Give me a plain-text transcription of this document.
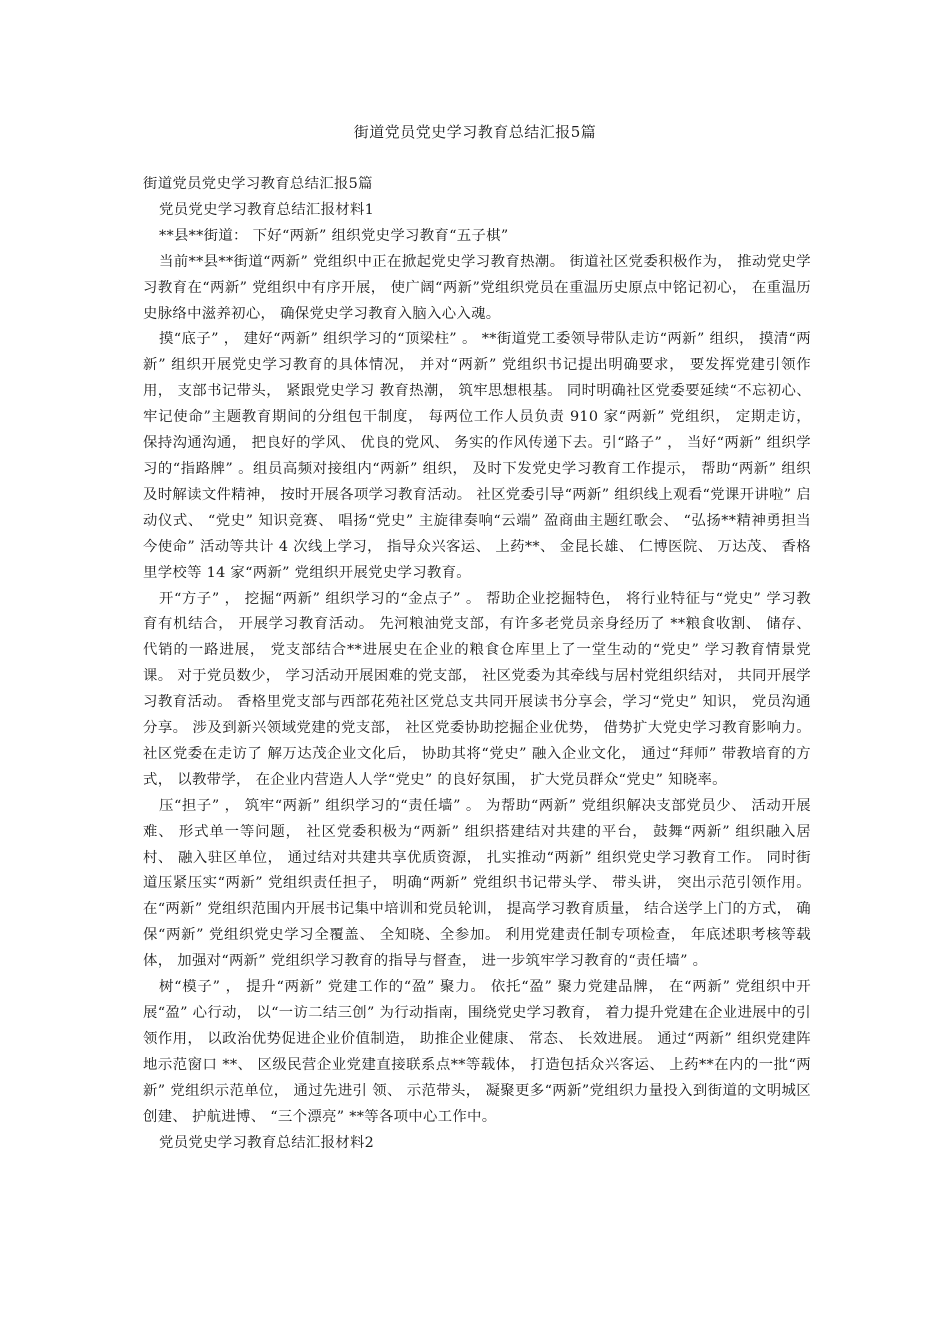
街道党员党史学习教育总结汇报5篇

街道党员党史学习教育总结汇报5篇

党员党史学习教育总结汇报材料1

**县**街道： 下好“两新” 组织党史学习教育“五子棋”

当前**县**街道“两新” 党组织中正在掀起党史学习教育热潮。 街道社区党委积极作为， 推动党史学习教育在“两新” 党组织中有序开展， 使广阔“两新”党组织党员在重温历史原点中铭记初心， 在重温历史脉络中滋养初心， 确保党史学习教育入脑入心入魂。

摸“底子” ， 建好“两新” 组织学习的“顶梁柱” 。 **街道党工委领导带队走访“两新” 组织， 摸清“两新” 组织开展党史学习教育的具体情况， 并对“两新” 党组织书记提出明确要求， 要发挥党建引领作用， 支部书记带头， 紧跟党史学习 教育热潮， 筑牢思想根基。 同时明确社区党委要延续“不忘初心、 牢记使命”主题教育期间的分组包干制度， 每两位工作人员负责 910 家“两新” 党组织， 定期走访， 保持沟通沟通， 把良好的学风、 优良的党风、 务实的作风传递下去。引“路子” ， 当好“两新” 组织学习的“指路牌” 。组员高频对接组内“两新” 组织， 及时下发党史学习教育工作提示， 帮助“两新” 组织及时解读文件精神， 按时开展各项学习教育活动。 社区党委引导“两新” 组织线上观看“党课开讲啦” 启动仪式、 “党史” 知识竞赛、 唱扬“党史” 主旋律奏响“云端” 盈商曲主题红歌会、 “弘扬**精神勇担当今使命” 活动等共计 4 次线上学习， 指导众兴客运、 上药**、 金昆长雄、 仁博医院、 万达茂、 香格里学校等 14 家“两新” 党组织开展党史学习教育。

开“方子” ， 挖掘“两新” 组织学习的“金点子” 。 帮助企业挖掘特色， 将行业特征与“党史” 学习教育有机结合， 开展学习教育活动。 先河粮油党支部，有许多老党员亲身经历了 **粮食收割、 储存、 代销的一路进展， 党支部结合**进展史在企业的粮食仓库里上了一堂生动的“党史” 学习教育情景党课。 对于党员数少， 学习活动开展困难的党支部， 社区党委为其牵线与居村党组织结对， 共同开展学习教育活动。 香格里党支部与西部花苑社区党总支共同开展读书分享会，学习“党史” 知识， 党员沟通分享。 涉及到新兴领域党建的党支部， 社区党委协助挖掘企业优势， 借势扩大党史学习教育影响力。 社区党委在走访了 解万达茂企业文化后， 协助其将“党史” 融入企业文化， 通过“拜师” 带教培育的方式， 以教带学， 在企业内营造人人学“党史” 的良好氛围， 扩大党员群众“党史” 知晓率。

压“担子” ， 筑牢“两新” 组织学习的“责任墙” 。 为帮助“两新” 党组织解决支部党员少、 活动开展难、 形式单一等问题， 社区党委积极为“两新” 组织搭建结对共建的平台， 鼓舞“两新” 组织融入居村、 融入驻区单位， 通过结对共建共享优质资源， 扎实推动“两新” 组织党史学习教育工作。 同时街道压紧压实“两新” 党组织责任担子， 明确“两新” 党组织书记带头学、 带头讲， 突出示范引领作用。 在“两新” 党组织范围内开展书记集中培训和党员轮训， 提高学习教育质量， 结合送学上门的方式， 确保“两新” 党组织党史学习全覆盖、 全知晓、全参加。 利用党建责任制专项检查， 年底述职考核等载体， 加强对“两新” 党组织学习教育的指导与督查， 进一步筑牢学习教育的“责任墙” 。

树“模子” ， 提升“两新” 党建工作的“盈” 聚力。 依托“盈” 聚力党建品牌， 在“两新” 党组织中开展“盈” 心行动， 以“一访二结三创” 为行动指南，围绕党史学习教育， 着力提升党建在企业进展中的引领作用， 以政治优势促进企业价值制造， 助推企业健康、 常态、 长效进展。 通过“两新” 组织党建阵地示范窗口 **、 区级民营企业党建直接联系点**等载体， 打造包括众兴客运、 上药**在内的一批“两新” 党组织示范单位， 通过先进引 领、 示范带头， 凝聚更多“两新”党组织力量投入到街道的文明城区创建、 护航进博、 “三个漂亮” **等各项中心工作中。

党员党史学习教育总结汇报材料2
